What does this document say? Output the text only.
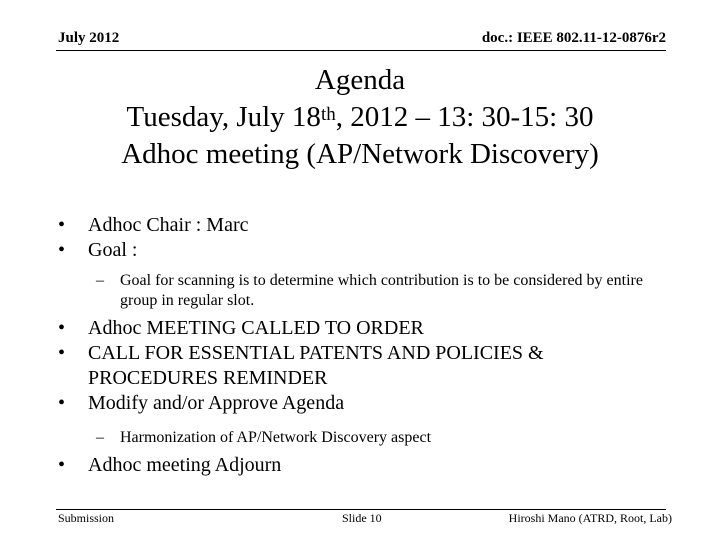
July 2012	doc.: IEEE 802.11-12-0876r2
Agenda
Tuesday, July 18th, 2012 – 13: 30-15: 30
Adhoc meeting (AP/Network Discovery)
• Adhoc Chair : Marc
• Goal :
– Goal for scanning is to determine which contribution is to be considered by entire group in regular slot.
• Adhoc MEETING CALLED TO ORDER
• CALL FOR ESSENTIAL PATENTS AND POLICIES & PROCEDURES REMINDER
• Modify and/or Approve Agenda
– Harmonization of AP/Network Discovery aspect
• Adhoc meeting Adjourn
Submission	Slide 10	Hiroshi Mano (ATRD, Root, Lab)
